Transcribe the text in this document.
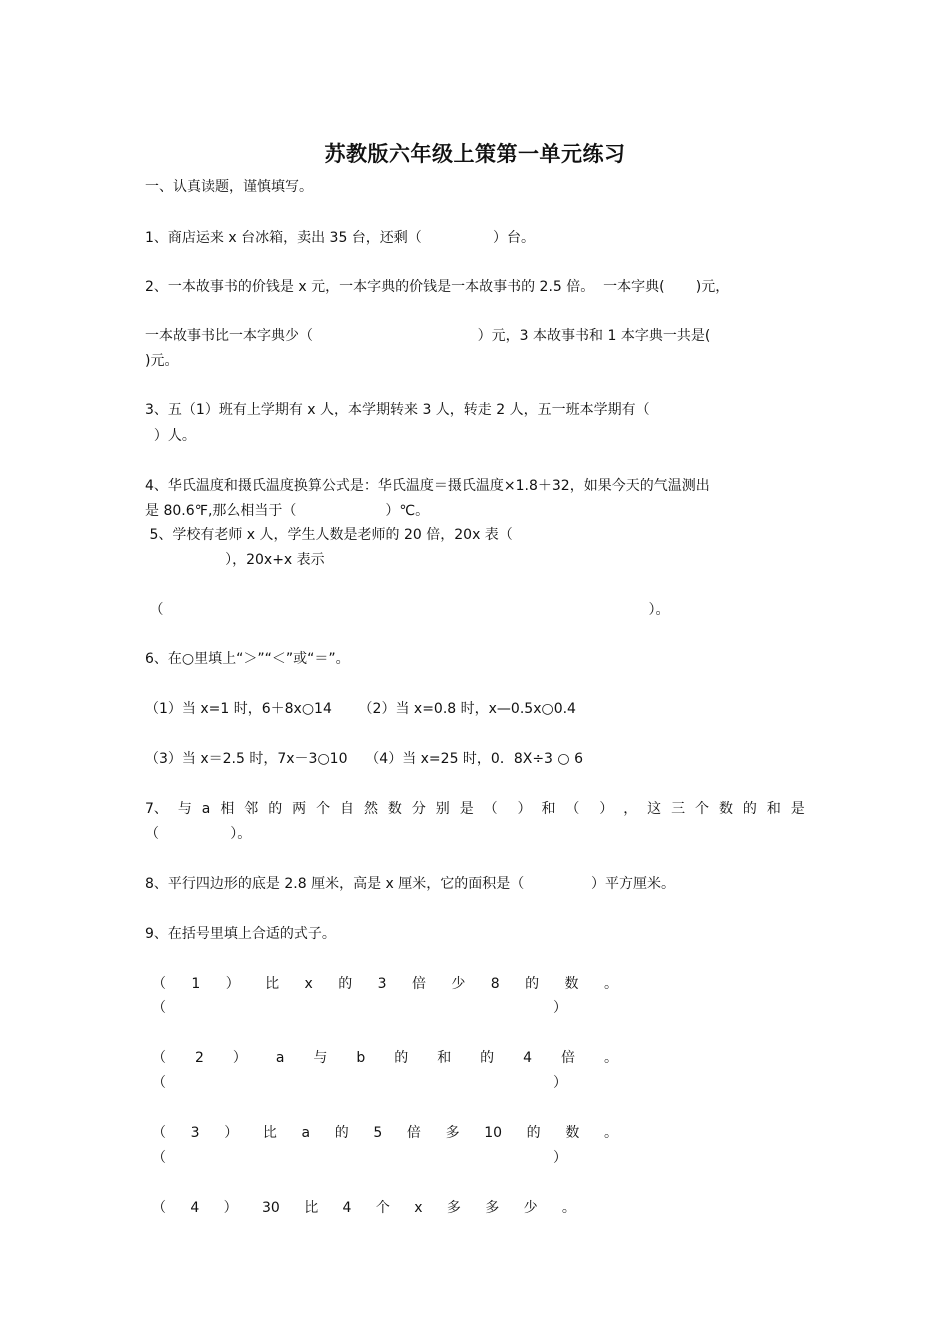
苏教版六年级上策第一单元练习
一、认真读题，谨慎填写。
1、商店运来 x 台冰箱，卖出 35 台，还剩（                ）台。
2、一本故事书的价钱是 x 元，一本字典的价钱是一本故事书的 2.5 倍。  一本字典(       )元，
一本故事书比一本字典少（                                     ）元，3 本故事书和 1 本字典一共是(
)元。
3、五（1）班有上学期有 x 人，本学期转来 3 人，转走 2 人，五一班本学期有（
）人。
4、华氏温度和摄氏温度换算公式是：华氏温度＝摄氏温度×1.8＋32，如果今天的气温测出
是 80.6℉,那么相当于（                    ）℃。
5、学校有老师 x 人，学生人数是老师的 20 倍，20x 表（
），20x+x 表示
（                                                                                                             ）。
6、在○里填上“＞”“＜”或“＝”。
（1）当 x=1 时，6＋8x○14      （2）当 x=0.8 时，x—0.5x○0.4
（3）当 x＝2.5 时，7x－3○10    （4）当 x=25 时，0．8X÷3 ○ 6
7、 与 a 相 邻 的 两 个 自 然 数 分 别 是 （ ） 和 （ ） ， 这 三 个 数 的 和 是
（                ）。
8、平行四边形的底是 2.8 厘米，高是 x 厘米，它的面积是（               ）平方厘米。
9、在括号里填上合适的式子。
（ 1 ） 比 x 的 3 倍 少 8 的 数 。
（	）
（ 2 ） a 与 b 的 和 的 4 倍 。
（	）
（ 3 ） 比 a 的 5 倍 多 10 的 数 。
（	）
（ 4 ） 30 比 4 个 x 多 多 少 。
